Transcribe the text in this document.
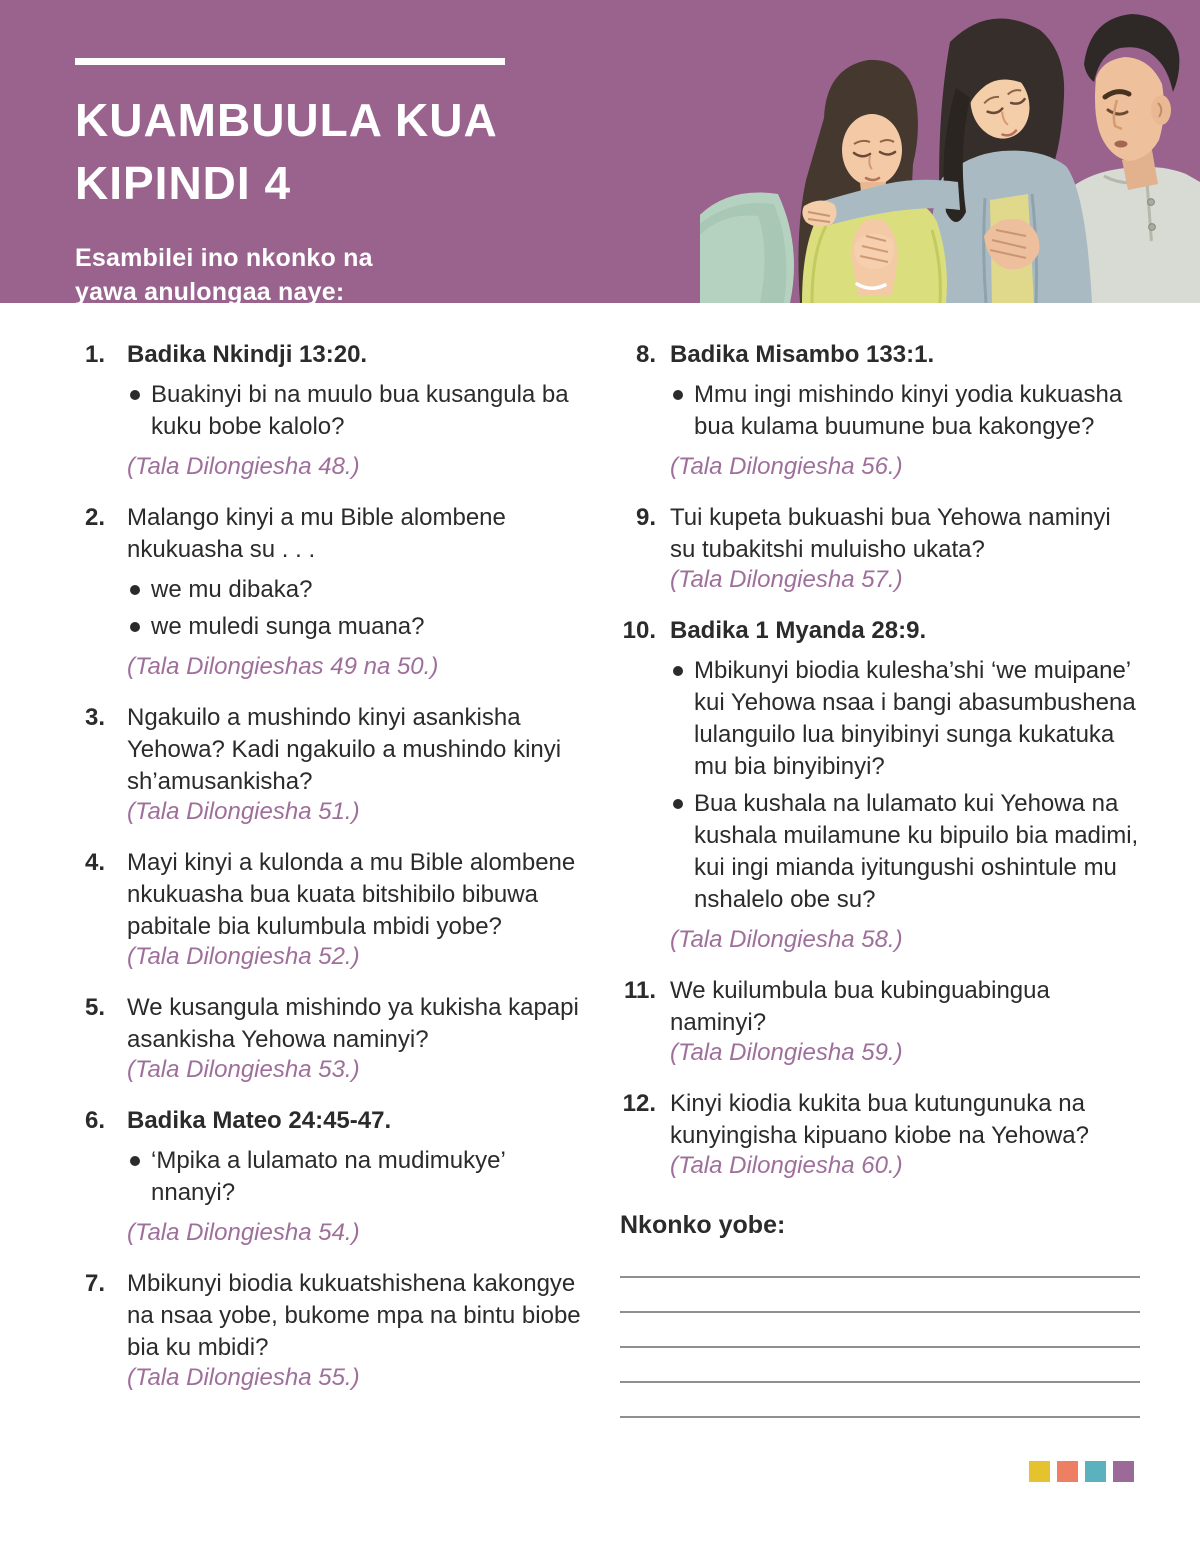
KUAMBUULA KUA
KIPINDI 4
Esambilei ino nkonko na
yawa anulongaa naye:
1. Badika Nkindji 13:20.

Buakinyi bi na muulo bua kusangula ba kuku bobe kalolo?

(Tala Dilongiesha 48.)

2. Malango kinyi a mu Bible alombene nkukuasha su . . .

we mu dibaka?
we muledi sunga muana?

(Tala Dilongieshas 49 na 50.)

3. Ngakuilo a mushindo kinyi asankisha Yehowa? Kadi ngakuilo a mushindo kinyi sh’amusankisha?

(Tala Dilongiesha 51.)

4. Mayi kinyi a kulonda a mu Bible alombene nkukuasha bua kuata bitshibilo bibuwa pabitale bia kulumbula mbidi yobe?

(Tala Dilongiesha 52.)

5. We kusangula mishindo ya kukisha kapapi asankisha Yehowa naminyi?

(Tala Dilongiesha 53.)

6. Badika Mateo 24:45-47.

‘Mpika a lulamato na mudimukye’ nnanyi?

(Tala Dilongiesha 54.)

7. Mbikunyi biodia kukuatshishena kakongye na nsaa yobe, bukome mpa na bintu biobe bia ku mbidi?

(Tala Dilongiesha 55.)

8. Badika Misambo 133:1.

Mmu ingi mishindo kinyi yodia kukuasha bua kulama buumune bua kakongye?

(Tala Dilongiesha 56.)

9. Tui kupeta bukuashi bua Yehowa naminyi su tubakitshi muluisho ukata?

(Tala Dilongiesha 57.)

10. Badika 1 Myanda 28:9.

Mbikunyi biodia kulesha’shi ‘we muipane’ kui Yehowa nsaa i bangi abasumbushena lulanguilo lua binyibinyi sunga kukatuka mu bia binyibinyi?
Bua kushala na lulamato kui Yehowa na kushala muilamune ku bipuilo bia madimi, kui ingi mianda iyitungushi oshintule mu nshalelo obe su?

(Tala Dilongiesha 58.)

11. We kuilumbula bua kubinguabingua naminyi?

(Tala Dilongiesha 59.)

12. Kinyi kiodia kukita bua kutungunuka na kunyingisha kipuano kiobe na Yehowa?

(Tala Dilongiesha 60.)

Nkonko yobe:
